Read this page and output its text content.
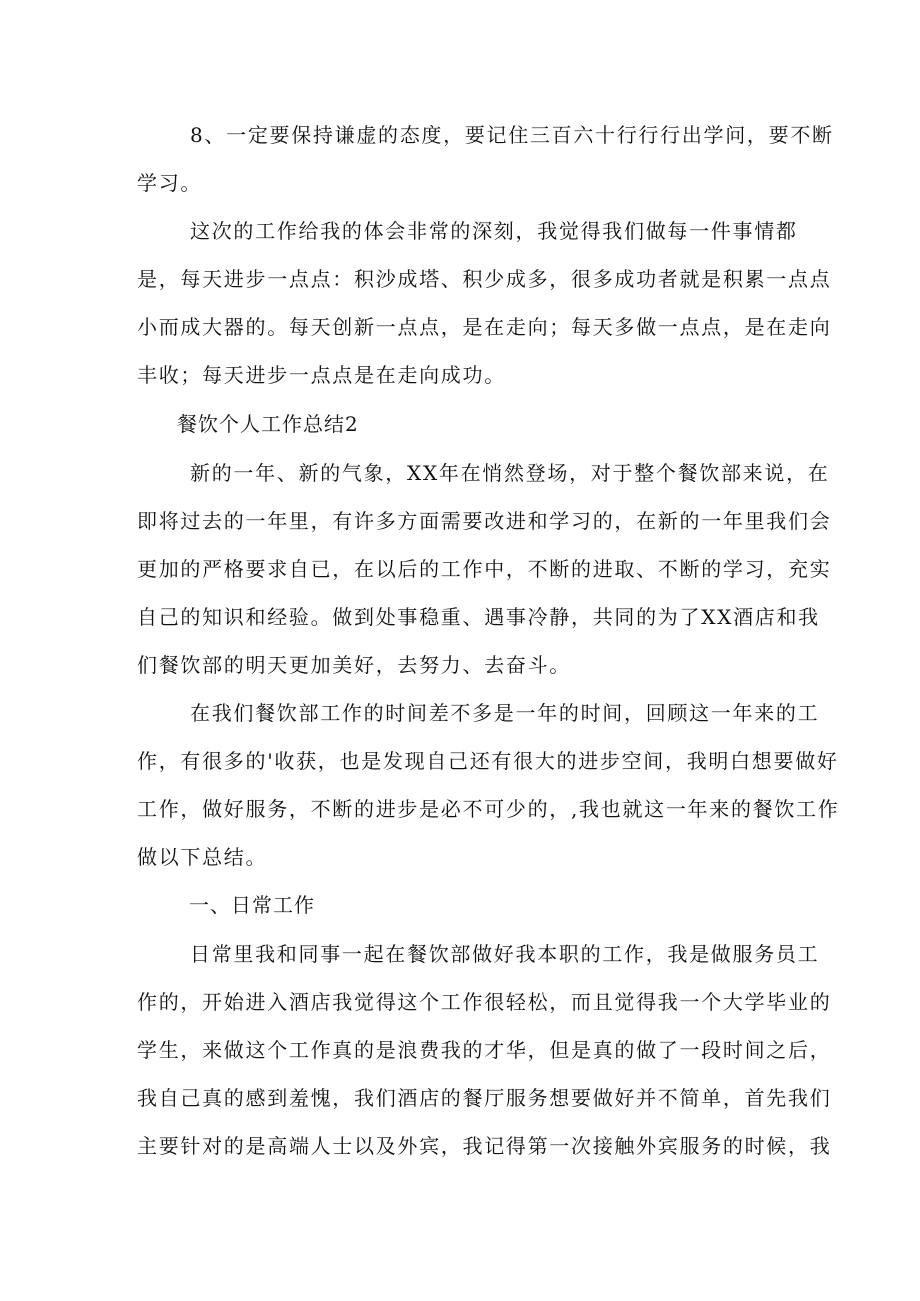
8、一定要保持谦虚的态度，要记住三百六十行行行出学问，要不断
学习。
这次的工作给我的体会非常的深刻，我觉得我们做每一件事情都
是，每天进步一点点：积沙成塔、积少成多，很多成功者就是积累一点点
小而成大器的。每天创新一点点，是在走向；每天多做一点点，是在走向
丰收；每天进步一点点是在走向成功。
餐饮个人工作总结2
新的一年、新的气象，XX年在悄然登场，对于整个餐饮部来说，在
即将过去的一年里，有许多方面需要改进和学习的，在新的一年里我们会
更加的严格要求自已，在以后的工作中，不断的进取、不断的学习，充实
自己的知识和经验。做到处事稳重、遇事冷静，共同的为了XX酒店和我
们餐饮部的明天更加美好，去努力、去奋斗。
在我们餐饮部工作的时间差不多是一年的时间，回顾这一年来的工
作，有很多的'收获，也是发现自己还有很大的进步空间，我明白想要做好
工作，做好服务，不断的进步是必不可少的，,我也就这一年来的餐饮工作
做以下总结。
一、日常工作
日常里我和同事一起在餐饮部做好我本职的工作，我是做服务员工
作的，开始进入酒店我觉得这个工作很轻松，而且觉得我一个大学毕业的
学生，来做这个工作真的是浪费我的才华，但是真的做了一段时间之后，
我自己真的感到羞愧，我们酒店的餐厅服务想要做好并不简单，首先我们
主要针对的是高端人士以及外宾，我记得第一次接触外宾服务的时候，我
